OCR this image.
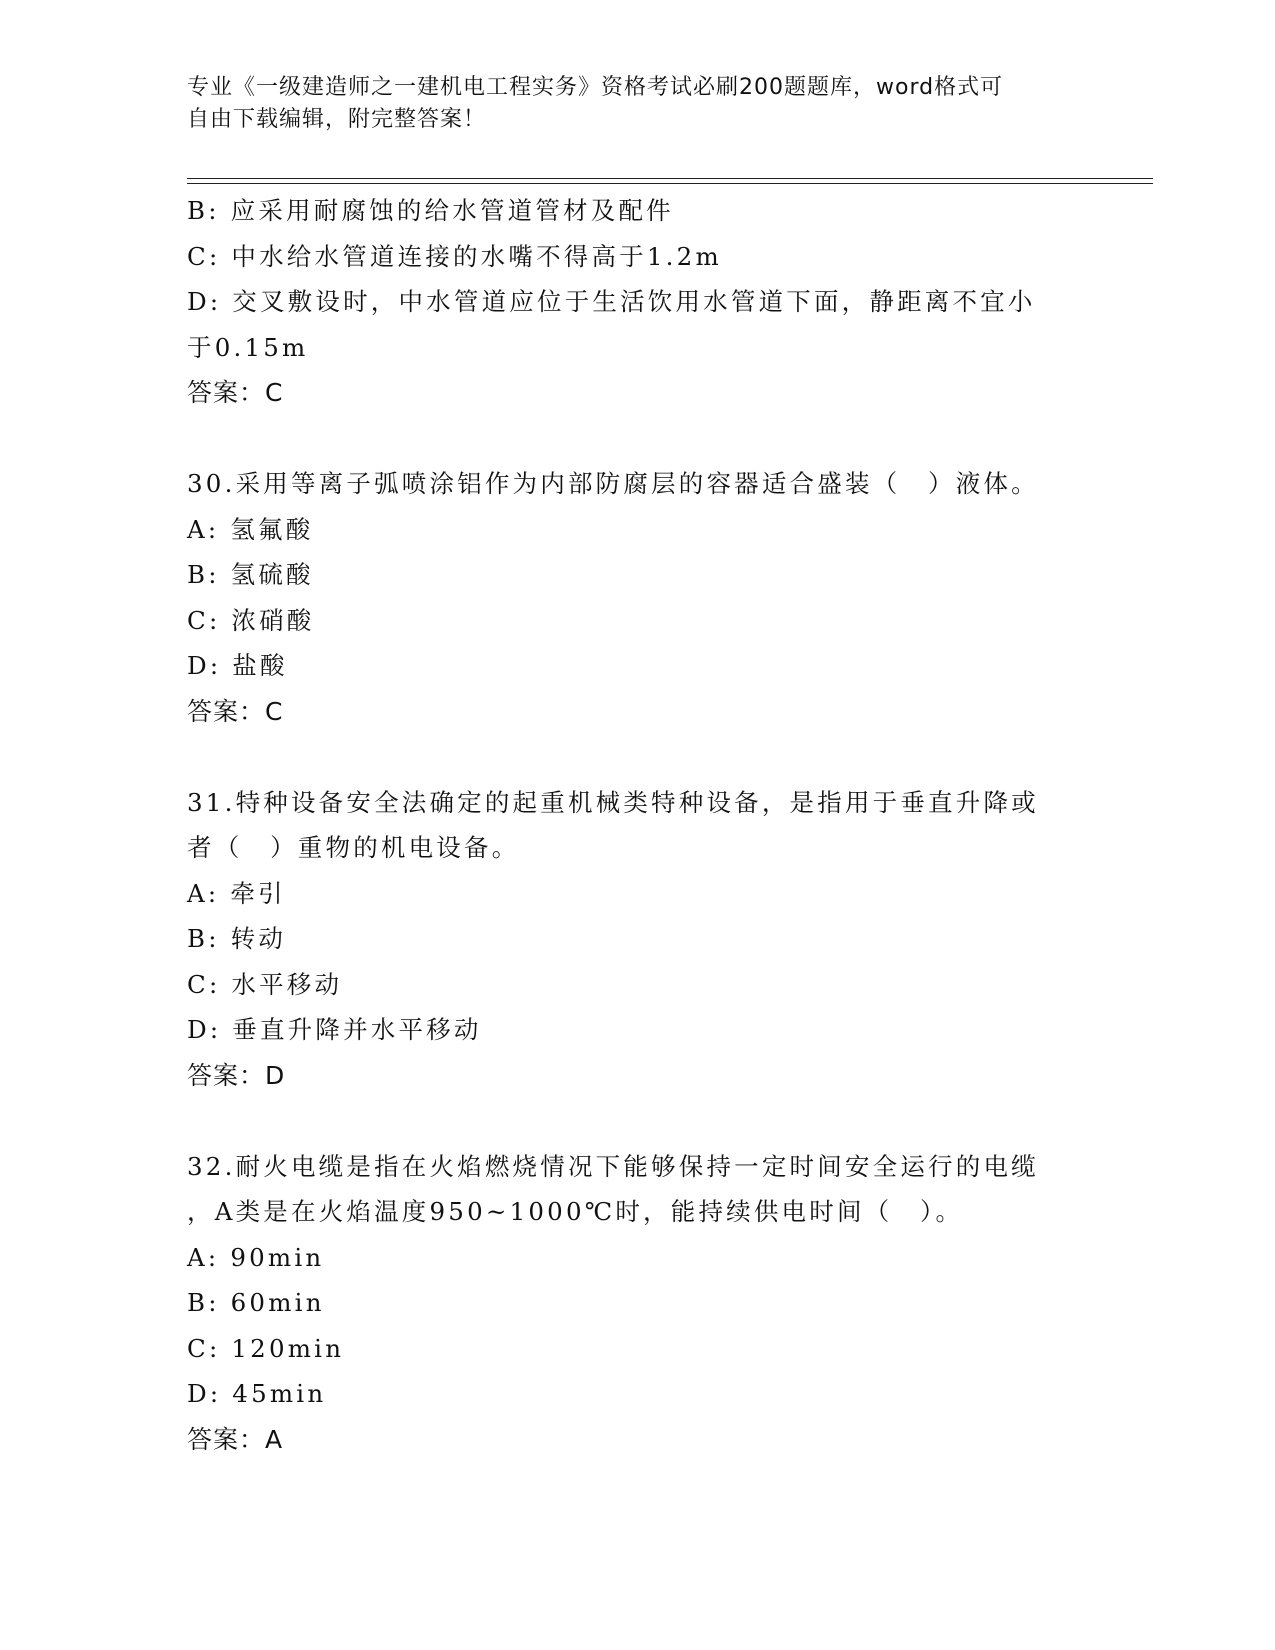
专业《一级建造师之一建机电工程实务》资格考试必刷200题题库，word格式可
自由下载编辑，附完整答案！
B: 应采用耐腐蚀的给水管道管材及配件
C: 中水给水管道连接的水嘴不得高于1.2m
D: 交叉敷设时，中水管道应位于生活饮用水管道下面，静距离不宜小
于0.15m
答案：C
30.采用等离子弧喷涂铝作为内部防腐层的容器适合盛装（　）液体。
A: 氢氟酸
B: 氢硫酸
C: 浓硝酸
D: 盐酸
答案：C
31.特种设备安全法确定的起重机械类特种设备，是指用于垂直升降或
者（　）重物的机电设备。
A: 牵引
B: 转动
C: 水平移动
D: 垂直升降并水平移动
答案：D
32.耐火电缆是指在火焰燃烧情况下能够保持一定时间安全运行的电缆
，A类是在火焰温度950~1000℃时，能持续供电时间（　）。
A: 90min
B: 60min
C: 120min
D: 45min
答案：A
